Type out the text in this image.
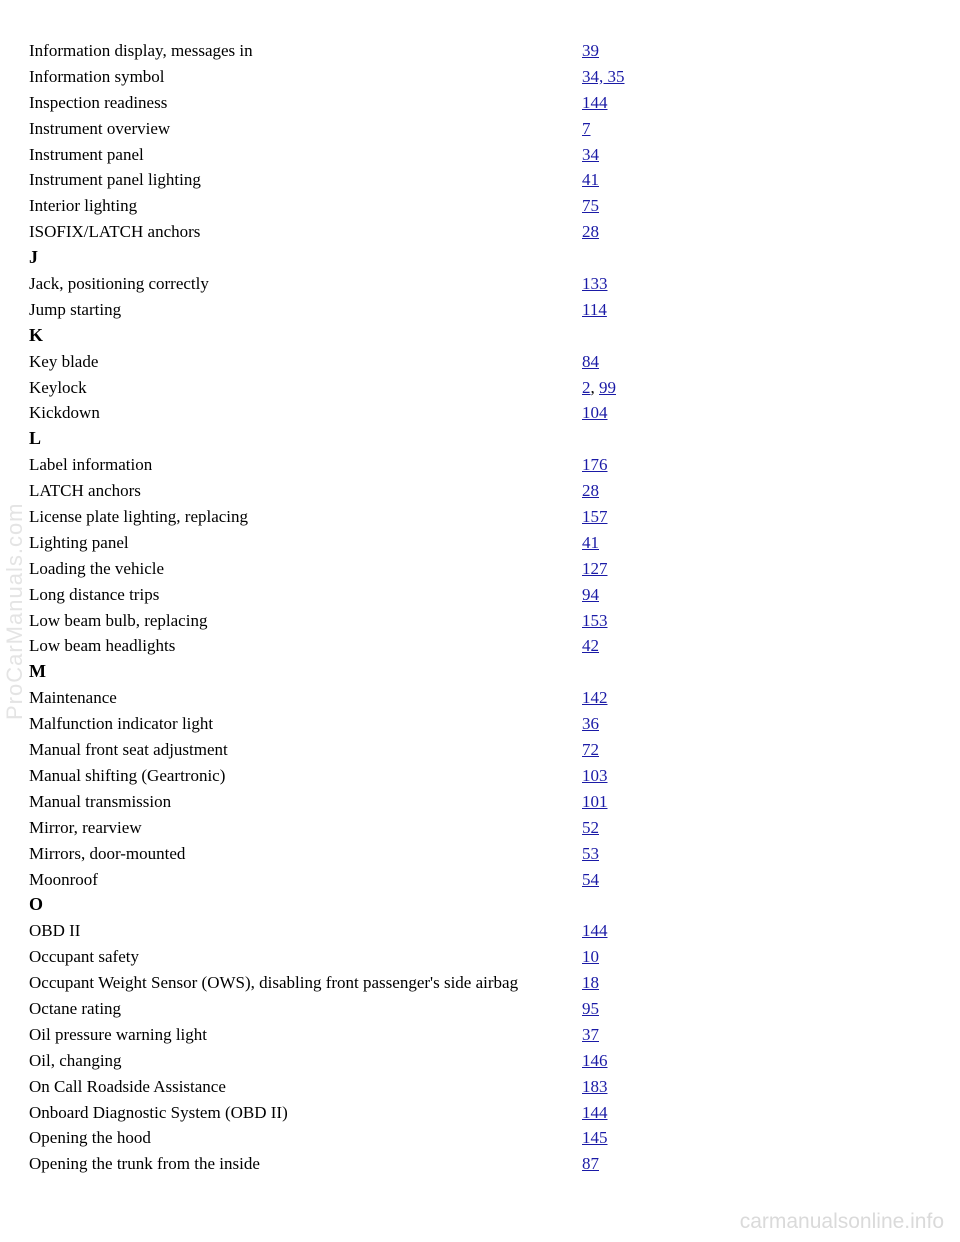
Information display, messages in	39
Information symbol	34, 35
Inspection readiness	144
Instrument overview	7
Instrument panel	34
Instrument panel lighting	41
Interior lighting	75
ISOFIX/LATCH anchors	28
J
Jack, positioning correctly	133
Jump starting	114
K
Key blade	84
Keylock	2, 99
Kickdown	104
L
Label information	176
LATCH anchors	28
License plate lighting, replacing	157
Lighting panel	41
Loading the vehicle	127
Long distance trips	94
Low beam bulb, replacing	153
Low beam headlights	42
M
Maintenance	142
Malfunction indicator light	36
Manual front seat adjustment	72
Manual shifting (Geartronic)	103
Manual transmission	101
Mirror, rearview	52
Mirrors, door-mounted	53
Moonroof	54
O
OBD II	144
Occupant safety	10
Occupant Weight Sensor (OWS), disabling front passenger's side airbag	18
Octane rating	95
Oil pressure warning light	37
Oil, changing	146
On Call Roadside Assistance	183
Onboard Diagnostic System (OBD II)	144
Opening the hood	145
Opening the trunk from the inside	87
ProCarManuals.com
carmanualsonline.info
